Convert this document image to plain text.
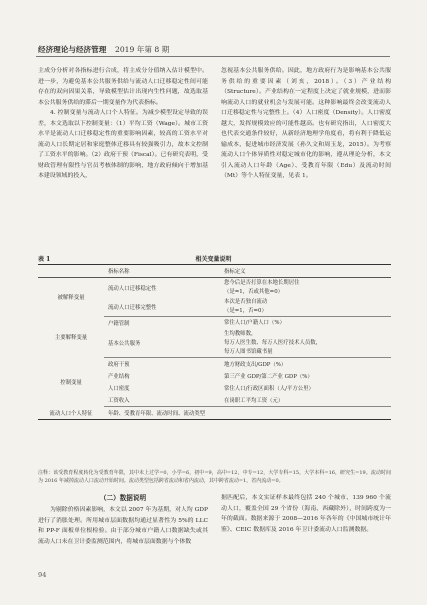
经济理论与经济管理 2019 年第 8 期

主成分分析对各指标进行合成，将主成分分值纳入估计模型中。进一步，为避免基本公共服务供给与流动人口迁移稳定性间可能存在的双向因果关系，导致模型估计出现内生性问题，故选取基本公共服务供给的滞后一期变量作为代表指标。

4. 控制变量与流动人口个人特征。为减少模型设定导致的误差，本文选取以下控制变量：（1）平均工资（Wage）。城市工资水平是流动人口迁移稳定性的重要影响因素，较高的工资水平对流动人口长期定居和家庭整体迁移具有较强吸引力，故本文控制了工资水平的影响。（2）政府干预（Fiscal）。已有研究表明，受财政管理有限性与官员考核体制的影响，地方政府倾向于增加基本建设领域的投入，

忽视基本公共服务供给。因此，地方政府行为是影响基本公共服务供给的重要因素（刘亥，2018）。（3）产业结构（Structure）。产业结构在一定程度上决定了就业规模，进而影响流动人口的就业机会与发展可能。这种影响最终会改变流动人口迁移稳定性与完整性上。（4）人口密度（Density）。人口密度越大，发挥规模效应的可能性越高。也有研究指出，人口密度大也代表交通条件较好，从新经济地理学角度看，将有利于降低运输成本，促进城市经济发展（孙久文和周玉龙，2015）。为考察流动人口个体异质性对稳定城市化的影响，遵从理论分析，本文引入流动人口年龄（Age）、受教育年限（Edu）及流动时间（Mt）等个人特征变量，见表 1。

表 1	相关变量说明
	指标名称	指标定义
被解释变量	流动人口迁移稳定性	您今后是否打算在本地长期居住
（是=1，否或其他=0）

	流动人口迁移完整性	本次是否独自流动
（是=1，否=0）

主要解释变量	户籍管制	常住人口/户籍人口（%）

	基本公共服务	生均教师数，
每万人医生数、每万人医疗技术人员数，
每万人图书馆藏书量

控制变量	政府干预	地方财政支出/GDP（%）
	产业结构	第三产业 GDP/第二产业 GDP（%）
	人口密度	常住人口/行政区面积（人/平方公里）
	工资收入	在岗职工平均工资（元）
流动人口个人特征	年龄、受教育年限、流动时间、流动类型	
注释：该受教育程度转化为受教育年限，其中未上过学=0，小学=6，初中=9，高中=12，中专=12，大学专科=15，大学本科=16，研究生=19。流动时间为 2016 年减掉流动人口流动开始时间。流动类型包括跨省流动和省内流动，其中跨省流动=1，省内流动=0。
（二）数据说明

为剔除价格因素影响，本文以 2007 年为基期，对人均 GDP 进行了消胀处理。所用城市层面数据均通过显著性为 5%的 LLC 和 PP-F 面板单位根检验。由于部分城市户籍人口数据缺失或其流动人口未在卫计委监测范围内，将城市层面数据与个体数

据匹配后，本文实证样本最终包括 240 个城市、139 960 个流动人口，覆盖全国 29 个省份（海南、西藏除外），时间跨度为一年的截面。数据来源于 2008—2016 年各年的《中国城市统计年鉴》、CEIC 数据库及 2016 年卫计委流动人口监测数据。

94
